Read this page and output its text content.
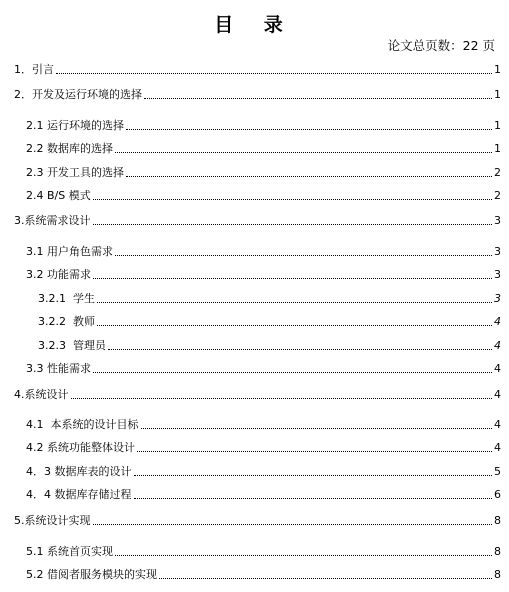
目 录
论文总页数：22 页
1．引言	1
2．开发及运行环境的选择	1
2.1 运行环境的选择	1
2.2 数据库的选择	1
2.3 开发工具的选择	2
2.4 B/S 模式	2
3.系统需求设计	3
3.1 用户角色需求	3
3.2 功能需求	3
3.2.1  学生	3
3.2.2  教师	4
3.2.3  管理员	4
3.3 性能需求	4
4.系统设计	4
4.1  本系统的设计目标	4
4.2 系统功能整体设计	4
4．3 数据库表的设计	5
4．4 数据库存储过程	6
5.系统设计实现	8
5.1 系统首页实现	8
5.2 借阅者服务模块的实现	8
